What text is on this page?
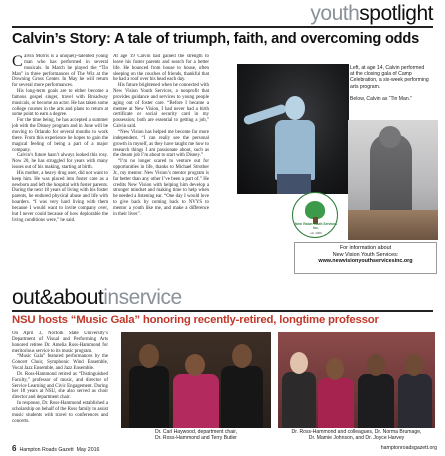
youthspotlight
Calvin’s Story: A tale of triumph, faith, and overcoming odds

Calvin Morris is a uniquely-talented young man who has performed in several musicals. In March he played the “Tin Man” in three performances of The Wiz at the Downing Gross Center. In May he will return for several more performances.

His long-term goals are to either become a famous gospel singer, travel with Broadway musicals, or become an actor. He has taken some college courses in the arts and plans to return at some point to earn a degree.

For the time being, he has accepted a summer job with the Disney program and in June will be moving to Orlando for several months to work there. From this experience he hopes to gain the magical feeling of being a part of a major company.

Calvin’s future hasn’t always looked this rosy. Now 20, he has struggled for years with many issues out of his making, starting at birth.

His mother, a heavy drug user, did not want to keep him. He was placed into foster care as a newborn and left the hospital with foster parents. During the next 18 years of living with his foster parents, he endured physical abuse and life with hoarders. “I was very hard living with them because I would want to invite company over, but I never could because of how deplorable the living conditions were,” he said.

At age 19 Calvin had gained the strength to leave his foster parents and search for a better life. He bounced from house to house, often sleeping on the couches of friends, thankful that he had a roof over his head each day.

His future brightened when he connected with New Vision Youth Services, a nonprofit that provides guidance and services to young people aging out of foster care. “Before I became a mentee at New Vision, I had never had a birth certificate or social security card in my possession; both are essential to getting a job,” Calvin said.

“New Vision has helped me become far more independent. “I can really see the personal growth in myself, as they have taught me how to research things I am passionate about, such as the dream job I’m about to start with Disney.”

“I’m no longer scared to venture out for opportunities in life, thanks to Michael Strother Jr., my mentor. New Vision’s mentor program is far better than any other I’ve been a part of.” He credits New Vision with helping him develop a stronger mindset and making time to help when he needed a listening ear. “One day I would love to give back by coming back to NVYS to mentor a youth like me, and make a difference in their lives”.

Left, at age 14, Calvin performed
at the closing gala of Camp
Celebration, a six-week performing
arts program.

Below, Calvin as “Tin Man.”
New Vision Youth Services Inc.
est. 2009
For information about
New Vision Youth Services:
www.newvisionyouthservicesinc.org
out&aboutinservice
NSU hosts “Music Gala” honoring recently-retired, longtime professor

On April 3, Norfolk State University’s Department of Visual and Performing Arts honored retiree Dr. Amelia Ross-Hammond for meritorious service to its music program.

“Music Gala” featured performances by the Concert Choir, Symphonic Wind Ensemble, Vocal Jazz Ensemble, and Jazz Ensemble.

Dr. Ross-Hammond retired as “Distinguished Faculty,” professor of music, and director of Service Learning and Civic Engagement. During her 18 years at NSU, she also served as choir director and department chair.

In response, Dr. Ross-Hammond established a scholarship on behalf of the Ross family to assist music students with travel to conferences and concerts.

Dr. Carl Haywood, department chair,
Dr. Ross-Hammond and Terry Butler
Dr. Ross-Hammond and colleagues, Dr. Norma Brumage,
Dr. Mamie Johnson, and Dr. Joyce Harvey
6 Hampton Roads Gazett May 2016	hamptonroadsgazett.org
